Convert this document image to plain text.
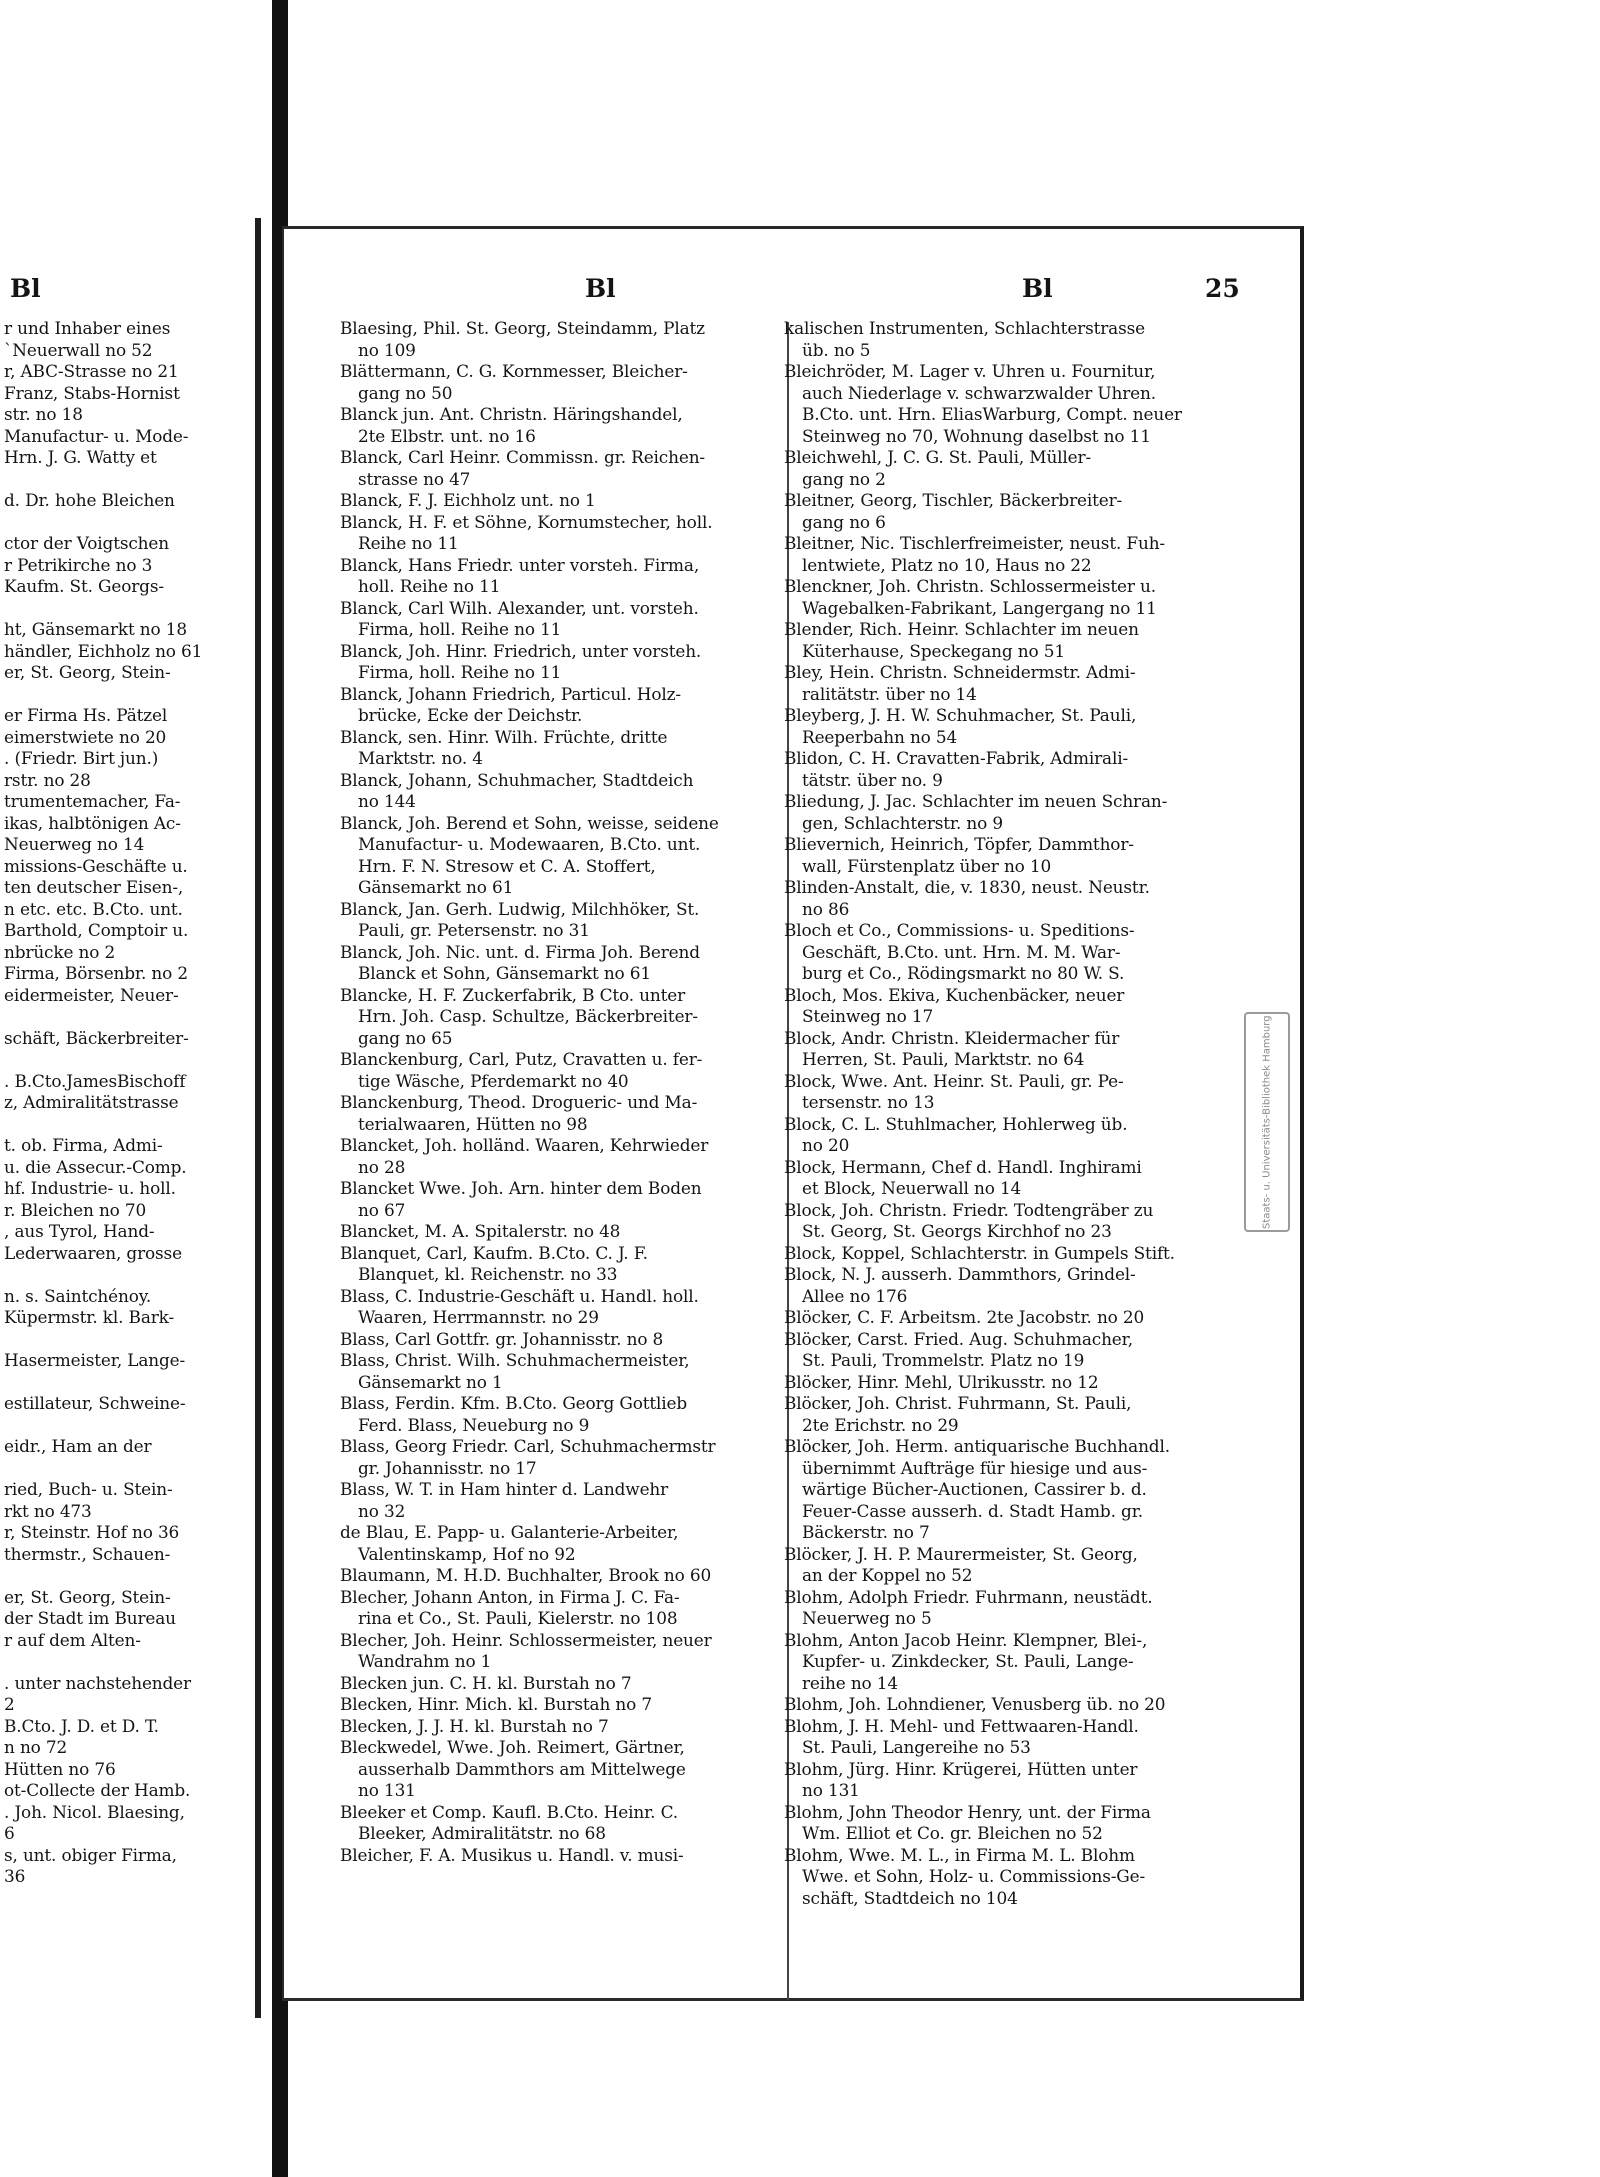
Bl	Bl	Bl	25
r und Inhaber eines
`Neuerwall no 52
r, ABC-Strasse no 21
Franz, Stabs-Hornist
str. no 18
Manufactur- u. Mode-
Hrn. J. G. Watty et

d. Dr. hohe Bleichen

ctor der Voigtschen
r Petrikirche no 3
Kaufm. St. Georgs-

ht, Gänsemarkt no 18
händler, Eichholz no 61
er, St. Georg, Stein-

er Firma Hs. Pätzel
eimerstwiete no 20
. (Friedr. Birt jun.)
rstr. no 28
trumentemacher, Fa-
ikas, halbtönigen Ac-
Neuerweg no 14
missions-Geschäfte u.
ten deutscher Eisen-,
n etc. etc. B.Cto. unt.
Barthold, Comptoir u.
nbrücke no 2
Firma, Börsenbr. no 2
eidermeister, Neuer-

schäft, Bäckerbreiter-

. B.Cto.JamesBischoff
z, Admiralitätstrasse

t. ob. Firma, Admi-
u. die Assecur.-Comp.
hf. Industrie- u. holl.
r. Bleichen no 70
, aus Tyrol, Hand-
Lederwaaren, grosse

n. s. Saintchénoy.
Küpermstr. kl. Bark-

Hasermeister, Lange-

estillateur, Schweine-

eidr., Ham an der

ried, Buch- u. Stein-
rkt no 473
r, Steinstr. Hof no 36
thermstr., Schauen-

er, St. Georg, Stein-
der Stadt im Bureau
r auf dem Alten-

. unter nachstehender
2
B.Cto. J. D. et D. T.
n no 72
Hütten no 76
ot-Collecte der Hamb.
. Joh. Nicol. Blaesing,
6
s, unt. obiger Firma,
36
Blaesing, Phil. St. Georg, Steindamm, Platz
no 109
Blättermann, C. G. Kornmesser, Bleicher-
gang no 50
Blanck jun. Ant. Christn. Häringshandel,
2te Elbstr. unt. no 16
Blanck, Carl Heinr. Commissn. gr. Reichen-
strasse no 47
Blanck, F. J. Eichholz unt. no 1
Blanck, H. F. et Söhne, Kornumstecher, holl.
Reihe no 11
Blanck, Hans Friedr. unter vorsteh. Firma,
holl. Reihe no 11
Blanck, Carl Wilh. Alexander, unt. vorsteh.
Firma, holl. Reihe no 11
Blanck, Joh. Hinr. Friedrich, unter vorsteh.
Firma, holl. Reihe no 11
Blanck, Johann Friedrich, Particul. Holz-
brücke, Ecke der Deichstr.
Blanck, sen. Hinr. Wilh. Früchte, dritte
Marktstr. no. 4
Blanck, Johann, Schuhmacher, Stadtdeich
no 144
Blanck, Joh. Berend et Sohn, weisse, seidene
Manufactur- u. Modewaaren, B.Cto. unt.
Hrn. F. N. Stresow et C. A. Stoffert,
Gänsemarkt no 61
Blanck, Jan. Gerh. Ludwig, Milchhöker, St.
Pauli, gr. Petersenstr. no 31
Blanck, Joh. Nic. unt. d. Firma Joh. Berend
Blanck et Sohn, Gänsemarkt no 61
Blancke, H. F. Zuckerfabrik, B Cto. unter
Hrn. Joh. Casp. Schultze, Bäckerbreiter-
gang no 65
Blanckenburg, Carl, Putz, Cravatten u. fer-
tige Wäsche, Pferdemarkt no 40
Blanckenburg, Theod. Drogueric- und Ma-
terialwaaren, Hütten no 98
Blancket, Joh. holländ. Waaren, Kehrwieder
no 28
Blancket Wwe. Joh. Arn. hinter dem Boden
no 67
Blancket, M. A. Spitalerstr. no 48
Blanquet, Carl, Kaufm. B.Cto. C. J. F.
Blanquet, kl. Reichenstr. no 33
Blass, C. Industrie-Geschäft u. Handl. holl.
Waaren, Herrmannstr. no 29
Blass, Carl Gottfr. gr. Johannisstr. no 8
Blass, Christ. Wilh. Schuhmachermeister,
Gänsemarkt no 1
Blass, Ferdin. Kfm. B.Cto. Georg Gottlieb
Ferd. Blass, Neueburg no 9
Blass, Georg Friedr. Carl, Schuhmachermstr
gr. Johannisstr. no 17
Blass, W. T. in Ham hinter d. Landwehr
no 32
de Blau, E. Papp- u. Galanterie-Arbeiter,
Valentinskamp, Hof no 92
Blaumann, M. H.D. Buchhalter, Brook no 60
Blecher, Johann Anton, in Firma J. C. Fa-
rina et Co., St. Pauli, Kielerstr. no 108
Blecher, Joh. Heinr. Schlossermeister, neuer
Wandrahm no 1
Blecken jun. C. H. kl. Burstah no 7
Blecken, Hinr. Mich. kl. Burstah no 7
Blecken, J. J. H. kl. Burstah no 7
Bleckwedel, Wwe. Joh. Reimert, Gärtner,
ausserhalb Dammthors am Mittelwege
no 131
Bleeker et Comp. Kaufl. B.Cto. Heinr. C.
Bleeker, Admiralitätstr. no 68
Bleicher, F. A. Musikus u. Handl. v. musi-
kalischen Instrumenten, Schlachterstrasse
üb. no 5
Bleichröder, M. Lager v. Uhren u. Fournitur,
auch Niederlage v. schwarzwalder Uhren.
B.Cto. unt. Hrn. EliasWarburg, Compt. neuer
Steinweg no 70, Wohnung daselbst no 11
Bleichwehl, J. C. G. St. Pauli, Müller-
gang no 2
Bleitner, Georg, Tischler, Bäckerbreiter-
gang no 6
Bleitner, Nic. Tischlerfreimeister, neust. Fuh-
lentwiete, Platz no 10, Haus no 22
Blenckner, Joh. Christn. Schlossermeister u.
Wagebalken-Fabrikant, Langergang no 11
Blender, Rich. Heinr. Schlachter im neuen
Küterhause, Speckegang no 51
Bley, Hein. Christn. Schneidermstr. Admi-
ralitätstr. über no 14
Bleyberg, J. H. W. Schuhmacher, St. Pauli,
Reeperbahn no 54
Blidon, C. H. Cravatten-Fabrik, Admirali-
tätstr. über no. 9
Bliedung, J. Jac. Schlachter im neuen Schran-
gen, Schlachterstr. no 9
Blievernich, Heinrich, Töpfer, Dammthor-
wall, Fürstenplatz über no 10
Blinden-Anstalt, die, v. 1830, neust. Neustr.
no 86
Bloch et Co., Commissions- u. Speditions-
Geschäft, B.Cto. unt. Hrn. M. M. War-
burg et Co., Rödingsmarkt no 80 W. S.
Bloch, Mos. Ekiva, Kuchenbäcker, neuer
Steinweg no 17
Block, Andr. Christn. Kleidermacher für
Herren, St. Pauli, Marktstr. no 64
Block, Wwe. Ant. Heinr. St. Pauli, gr. Pe-
tersenstr. no 13
Block, C. L. Stuhlmacher, Hohlerweg üb.
no 20
Block, Hermann, Chef d. Handl. Inghirami
et Block, Neuerwall no 14
Block, Joh. Christn. Friedr. Todtengräber zu
St. Georg, St. Georgs Kirchhof no 23
Block, Koppel, Schlachterstr. in Gumpels Stift.
Block, N. J. ausserh. Dammthors, Grindel-
Allee no 176
Blöcker, C. F. Arbeitsm. 2te Jacobstr. no 20
Blöcker, Carst. Fried. Aug. Schuhmacher,
St. Pauli, Trommelstr. Platz no 19
Blöcker, Hinr. Mehl, Ulrikusstr. no 12
Blöcker, Joh. Christ. Fuhrmann, St. Pauli,
2te Erichstr. no 29
Blöcker, Joh. Herm. antiquarische Buchhandl.
übernimmt Aufträge für hiesige und aus-
wärtige Bücher-Auctionen, Cassirer b. d.
Feuer-Casse ausserh. d. Stadt Hamb. gr.
Bäckerstr. no 7
Blöcker, J. H. P. Maurermeister, St. Georg,
an der Koppel no 52
Blohm, Adolph Friedr. Fuhrmann, neustädt.
Neuerweg no 5
Blohm, Anton Jacob Heinr. Klempner, Blei-,
Kupfer- u. Zinkdecker, St. Pauli, Lange-
reihe no 14
Blohm, Joh. Lohndiener, Venusberg üb. no 20
Blohm, J. H. Mehl- und Fettwaaren-Handl.
St. Pauli, Langereihe no 53
Blohm, Jürg. Hinr. Krügerei, Hütten unter
no 131
Blohm, John Theodor Henry, unt. der Firma
Wm. Elliot et Co. gr. Bleichen no 52
Blohm, Wwe. M. L., in Firma M. L. Blohm
Wwe. et Sohn, Holz- u. Commissions-Ge-
schäft, Stadtdeich no 104
Staats- u. Universitäts-Bibliothek Hamburg
